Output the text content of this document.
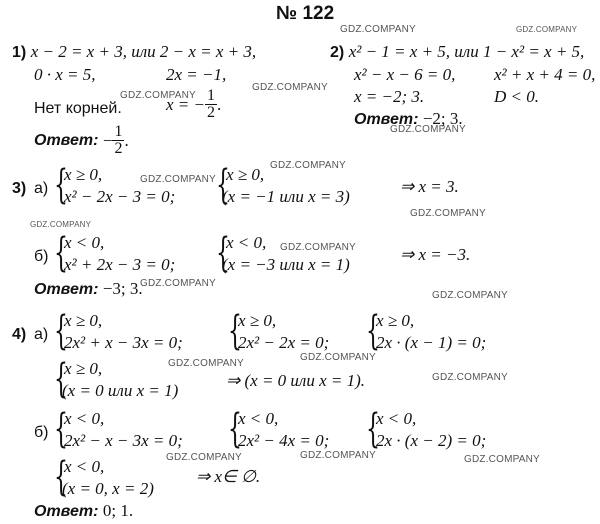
№ 122
GDZ.COMPANY	GDZ.COMPANY
GDZ.COMPANY
GDZ.COMPANY
GDZ.COMPANY
GDZ.COMPANY
GDZ.COMPANY
GDZ.COMPANY
GDZ.COMPANY
GDZ.COMPANY
GDZ.COMPANY
GDZ.COMPANY
GDZ.COMPANY
GDZ.COMPANY
GDZ.COMPANY
GDZ.COMPANY
GDZ.COMPANY	GDZ.COMPANY
1) x − 2 = x + 3, или 2 − x = x + 3,
0 · x = 5,	2x = −1,
Нет корней.	x = − $\frac{1}{2}$ .
Ответ:
− $\frac{1}{2}$ .
2) x² − 1 = x + 5, или 1 − x² = x + 5,
x² − x − 6 = 0, x² + x + 4 = 0,
x = −2; 3.	D < 0.
Ответ: −2; 3.
3) а) {
x ≥ 0,
x² − 2x − 3 = 0; {
x ≥ 0,
(x = −1 или x = 3)
⇒ x = 3.
б) {
x < 0,
x² + 2x − 3 = 0; {
x < 0,
(x = −3 или x = 1)
⇒ x = −3.
Ответ: −3; 3.
4) а) {
x ≥ 0,
2x² + x − 3x = 0; {
x ≥ 0,
2x² − 2x = 0; {
x ≥ 0,
2x · (x − 1) = 0;
{
x ≥ 0,
(x = 0 или x = 1)
⇒ (x = 0 или x = 1).
б) {
x < 0,
2x² − x − 3x = 0; {
x < 0,
2x² − 4x = 0; {
x < 0,
2x · (x − 2) = 0;
{
x < 0,
(x = 0, x = 2)
⇒ x∈ ∅.
Ответ: 0; 1.
